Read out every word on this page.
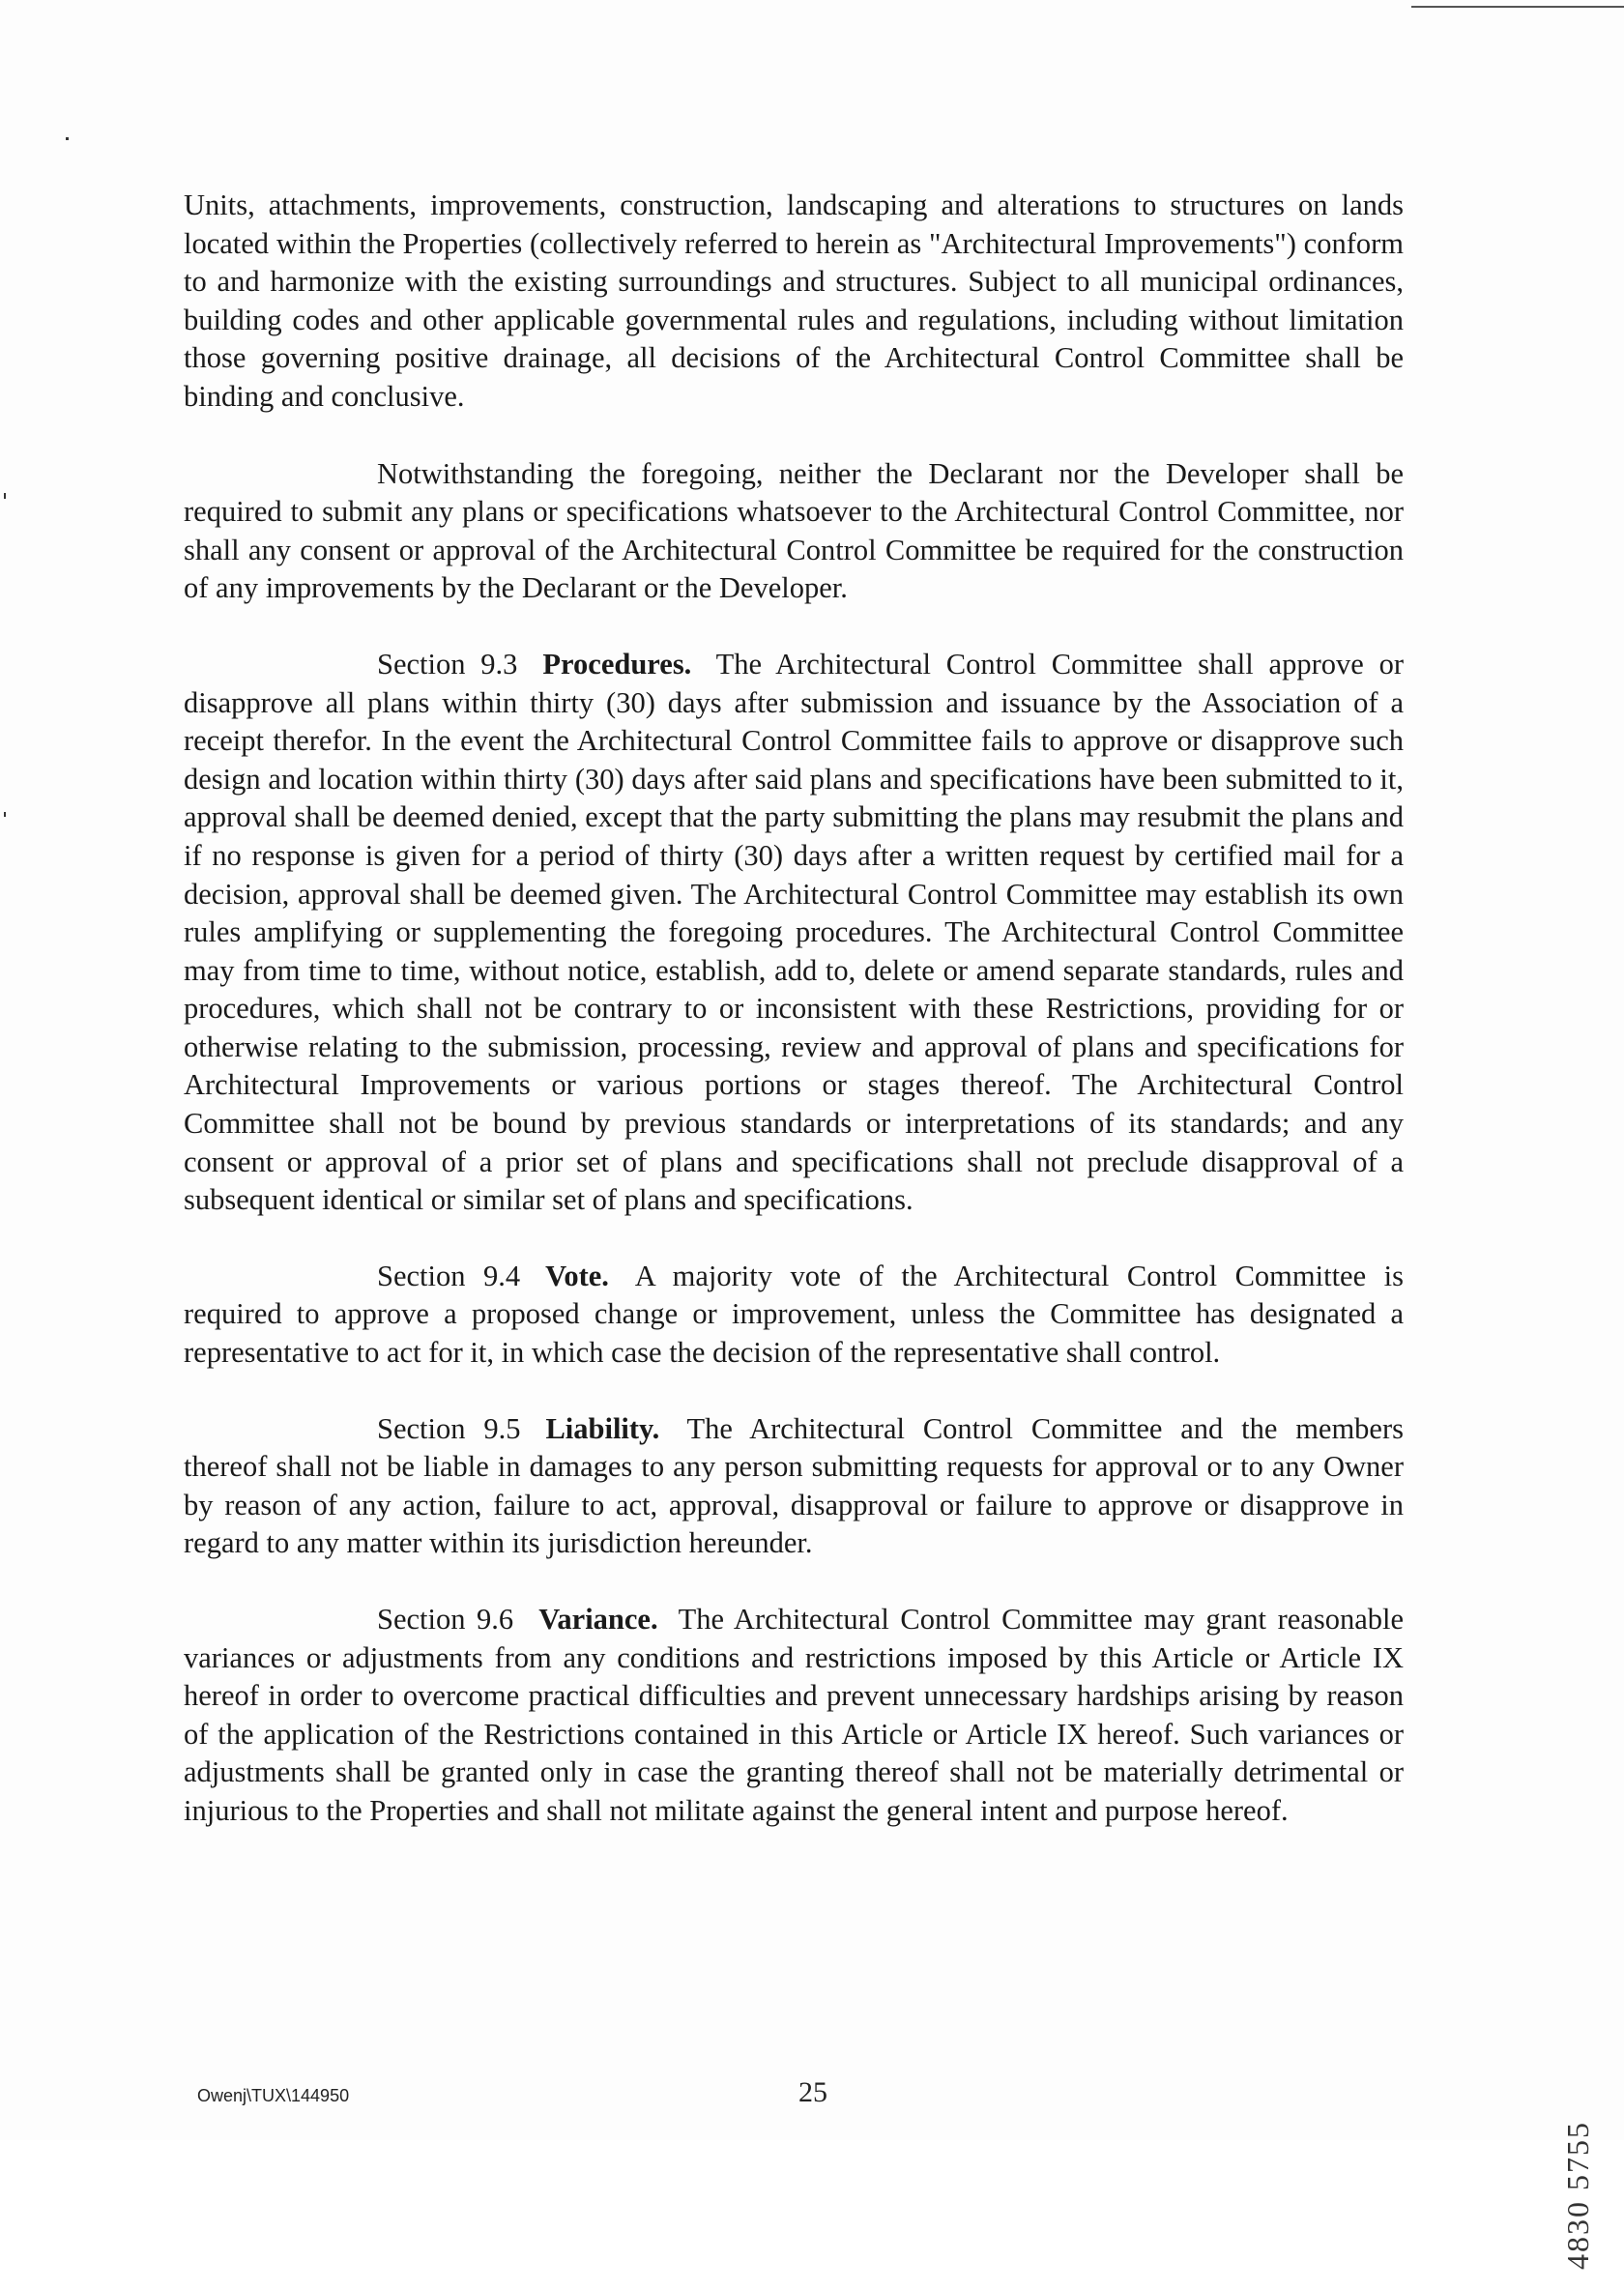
Units, attachments, improvements, construction, landscaping and alterations to structures on lands located within the Properties (collectively referred to herein as "Architectural Improvements") conform to and harmonize with the existing surroundings and structures. Subject to all municipal ordinances, building codes and other applicable governmental rules and regulations, including without limitation those governing positive drainage, all decisions of the Architectural Control Committee shall be binding and conclusive.

Notwithstanding the foregoing, neither the Declarant nor the Developer shall be required to submit any plans or specifications whatsoever to the Architectural Control Committee, nor shall any consent or approval of the Architectural Control Committee be required for the construction of any improvements by the Declarant or the Developer.

Section 9.3 Procedures. The Architectural Control Committee shall approve or disapprove all plans within thirty (30) days after submission and issuance by the Association of a receipt therefor. In the event the Architectural Control Committee fails to approve or disapprove such design and location within thirty (30) days after said plans and specifications have been submitted to it, approval shall be deemed denied, except that the party submitting the plans may resubmit the plans and if no response is given for a period of thirty (30) days after a written request by certified mail for a decision, approval shall be deemed given. The Architectural Control Committee may establish its own rules amplifying or supplementing the foregoing procedures. The Architectural Control Committee may from time to time, without notice, establish, add to, delete or amend separate standards, rules and procedures, which shall not be contrary to or inconsistent with these Restrictions, providing for or otherwise relating to the submission, processing, review and approval of plans and specifications for Architectural Improvements or various portions or stages thereof. The Architectural Control Committee shall not be bound by previous standards or interpretations of its standards; and any consent or approval of a prior set of plans and specifications shall not preclude disapproval of a subsequent identical or similar set of plans and specifications.

Section 9.4 Vote. A majority vote of the Architectural Control Committee is required to approve a proposed change or improvement, unless the Committee has designated a representative to act for it, in which case the decision of the representative shall control.

Section 9.5 Liability. The Architectural Control Committee and the members thereof shall not be liable in damages to any person submitting requests for approval or to any Owner by reason of any action, failure to act, approval, disapproval or failure to approve or disapprove in regard to any matter within its jurisdiction hereunder.

Section 9.6 Variance. The Architectural Control Committee may grant reasonable variances or adjustments from any conditions and restrictions imposed by this Article or Article IX hereof in order to overcome practical difficulties and prevent unnecessary hardships arising by reason of the application of the Restrictions contained in this Article or Article IX hereof. Such variances or adjustments shall be granted only in case the granting thereof shall not be materially detrimental or injurious to the Properties and shall not militate against the general intent and purpose hereof.

4830 5755
Owenj\TUX\144950	25
